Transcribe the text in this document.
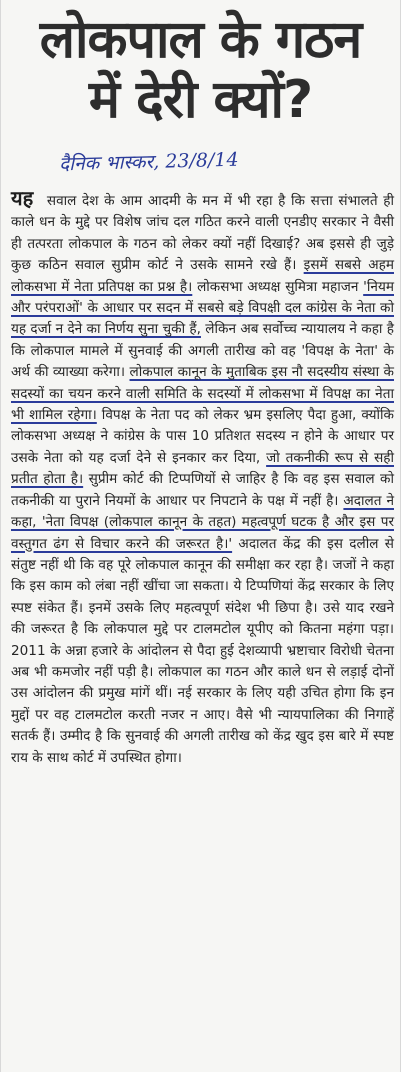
लोकपाल के गठन
में देरी क्यों?
दैनिक भास्कर, 23/8/14

यह सवाल देश के आम आदमी के मन में भी रहा है कि सत्ता संभालते ही काले धन के मुद्दे पर विशेष जांच दल गठित करने वाली एनडीए सरकार ने वैसी ही तत्परता लोकपाल के गठन को लेकर क्यों नहीं दिखाई? अब इससे ही जुड़े कुछ कठिन सवाल सुप्रीम कोर्ट ने उसके सामने रखे हैं। इसमें सबसे अहम लोकसभा में नेता प्रतिपक्ष का प्रश्न है। लोकसभा अध्यक्ष सुमित्रा महाजन 'नियम और परंपराओं' के आधार पर सदन में सबसे बड़े विपक्षी दल कांग्रेस के नेता को यह दर्जा न देने का निर्णय सुना चुकी हैं, लेकिन अब सर्वोच्च न्यायालय ने कहा है कि लोकपाल मामले में सुनवाई की अगली तारीख को वह 'विपक्ष के नेता' के अर्थ की व्याख्या करेगा। लोकपाल कानून के मुताबिक इस नौ सदस्यीय संस्था के सदस्यों का चयन करने वाली समिति के सदस्यों में लोकसभा में विपक्ष का नेता भी शामिल रहेगा। विपक्ष के नेता पद को लेकर भ्रम इसलिए पैदा हुआ, क्योंकि लोकसभा अध्यक्ष ने कांग्रेस के पास 10 प्रतिशत सदस्य न होने के आधार पर उसके नेता को यह दर्जा देने से इनकार कर दिया, जो तकनीकी रूप से सही प्रतीत होता है। सुप्रीम कोर्ट की टिप्पणियों से जाहिर है कि वह इस सवाल को तकनीकी या पुराने नियमों के आधार पर निपटाने के पक्ष में नहीं है। अदालत ने कहा, 'नेता विपक्ष (लोकपाल कानून के तहत) महत्वपूर्ण घटक है और इस पर वस्तुगत ढंग से विचार करने की जरूरत है।' अदालत केंद्र की इस दलील से संतुष्ट नहीं थी कि वह पूरे लोकपाल कानून की समीक्षा कर रहा है। जजों ने कहा कि इस काम को लंबा नहीं खींचा जा सकता। ये टिप्पणियां केंद्र सरकार के लिए स्पष्ट संकेत हैं। इनमें उसके लिए महत्वपूर्ण संदेश भी छिपा है। उसे याद रखने की जरूरत है कि लोकपाल मुद्दे पर टालमटोल यूपीए को कितना महंगा पड़ा। 2011 के अन्ना हजारे के आंदोलन से पैदा हुई देशव्यापी भ्रष्टाचार विरोधी चेतना अब भी कमजोर नहीं पड़ी है। लोकपाल का गठन और काले धन से लड़ाई दोनों उस आंदोलन की प्रमुख मांगें थीं। नई सरकार के लिए यही उचित होगा कि इन मुद्दों पर वह टालमटोल करती नजर न आए। वैसे भी न्यायपालिका की निगाहें सतर्क हैं। उम्मीद है कि सुनवाई की अगली तारीख को केंद्र खुद इस बारे में स्पष्ट राय के साथ कोर्ट में उपस्थित होगा।
